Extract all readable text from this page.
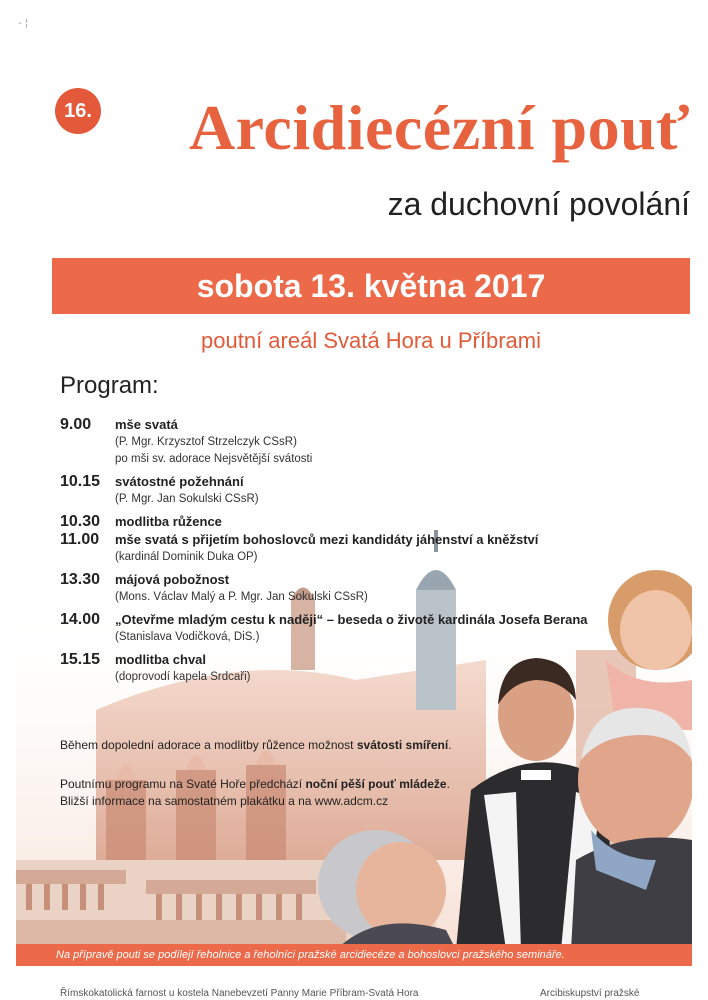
- ¦
16.	Arcidiecézní pouť
za duchovní povolání
sobota 13. května 2017
poutní areál Svatá Hora u Příbrami
Program:
9.00	mše svatá
(P. Mgr. Krzysztof Strzelczyk CSsR)
po mši sv. adorace Nejsvětější svátosti
10.15	svátostné požehnání
(P. Mgr. Jan Sokulski CSsR)
10.30	modlitba růžence
11.00	mše svatá s přijetím bohoslovců mezi kandidáty jáhenství a kněžství
(kardinál Dominik Duka OP)
13.30	májová pobožnost
(Mons. Václav Malý a P. Mgr. Jan Sokulski CSsR)
14.00	„Otevřme mladým cestu k naději“ – beseda o životě kardinála Josefa Berana
(Stanislava Vodičková, DiS.)
15.15	modlitba chval
(doprovodí kapela Srdcaři)
Během dopolední adorace a modlitby růžence možnost svátosti smíření.
Poutnímu programu na Svaté Hoře předchází noční pěší pouť mládeže.
Bližší informace na samostatném plakátku a na www.adcm.cz
Na přípravě pouti se podílejí řeholnice a řeholníci pražské arcidiecéze a bohoslovci pražského semináře.
Římskokatolická farnost u kostela Nanebevzetí Panny Marie Příbram-Svatá Hora	Arcibiskupství pražské
